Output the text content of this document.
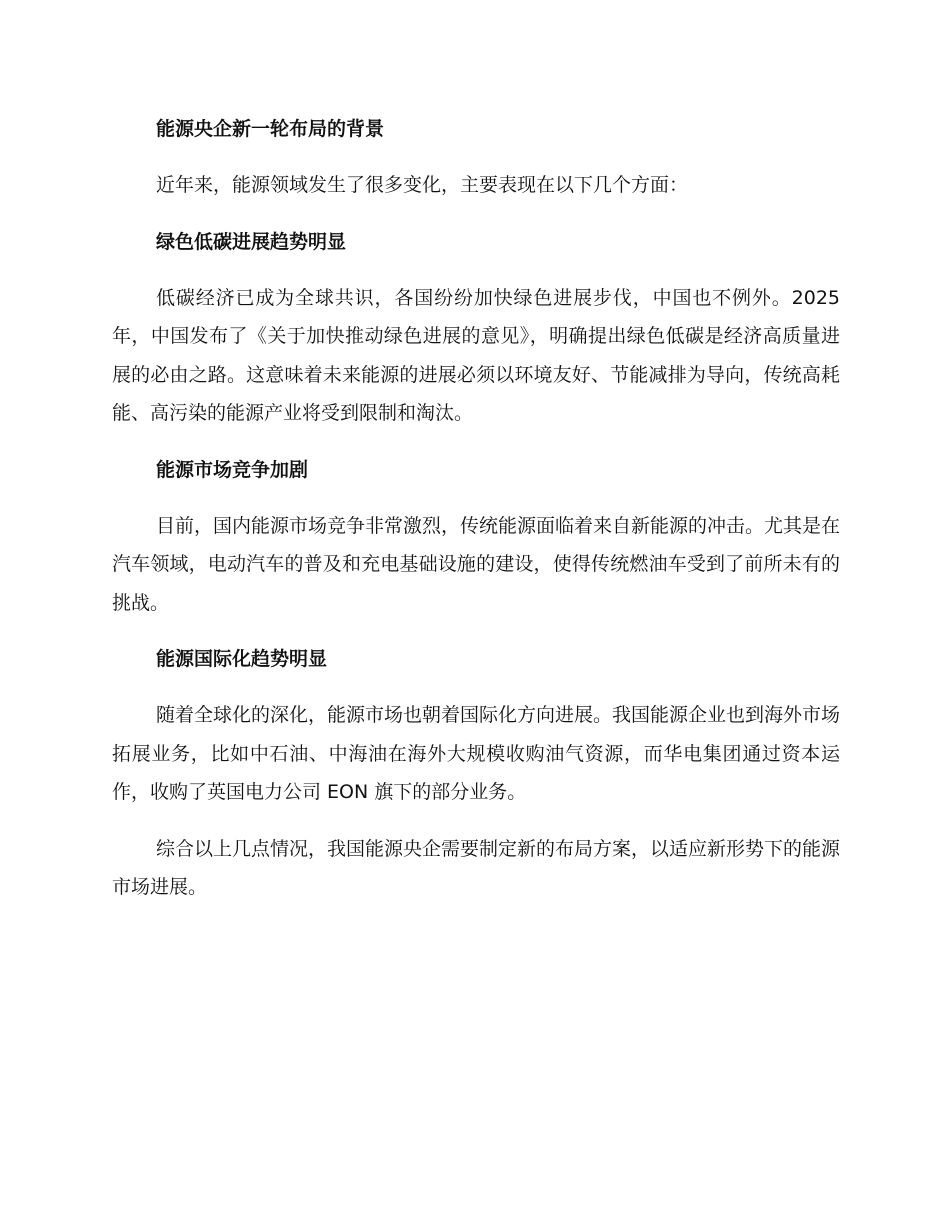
能源央企新一轮布局的背景

近年来，能源领域发生了很多变化，主要表现在以下几个方面：

绿色低碳进展趋势明显

低碳经济已成为全球共识，各国纷纷加快绿色进展步伐，中国也不例外。2025 年，中国发布了《关于加快推动绿色进展的意见》，明确提出绿色低碳是经济高质量进展的必由之路。这意味着未来能源的进展必须以环境友好、节能减排为导向，传统高耗能、高污染的能源产业将受到限制和淘汰。

能源市场竞争加剧

目前，国内能源市场竞争非常激烈，传统能源面临着来自新能源的冲击。尤其是在汽车领域，电动汽车的普及和充电基础设施的建设，使得传统燃油车受到了前所未有的挑战。

能源国际化趋势明显

随着全球化的深化，能源市场也朝着国际化方向进展。我国能源企业也到海外市场拓展业务，比如中石油、中海油在海外大规模收购油气资源，而华电集团通过资本运作，收购了英国电力公司 EON 旗下的部分业务。

综合以上几点情况，我国能源央企需要制定新的布局方案，以适应新形势下的能源市场进展。
